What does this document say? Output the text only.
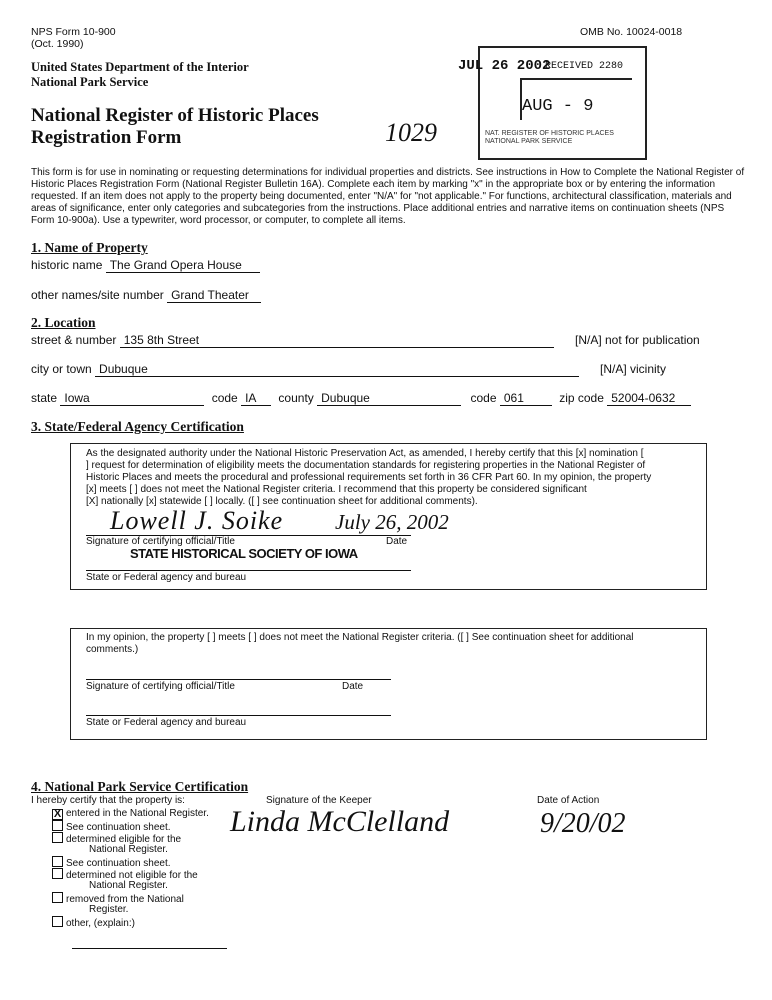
NPS Form 10-900
(Oct. 1990)
OMB No. 10024-0018
United States Department of the Interior
National Park Service
National Register of Historic Places
Registration Form	1029
JUL 26 2002
RECEIVED 2280
AUG - 9
NAT. REGISTER OF HISTORIC PLACES NATIONAL PARK SERVICE
This form is for use in nominating or requesting determinations for individual properties and districts. See instructions in How to Complete the National Register of Historic Places Registration Form (National Register Bulletin 16A). Complete each item by marking "x" in the appropriate box or by entering the information requested. If an item does not apply to the property being documented, enter "N/A" for "not applicable." For functions, architectural classification, materials and areas of significance, enter only categories and subcategories from the instructions. Place additional entries and narrative items on continuation sheets (NPS Form 10-900a). Use a typewriter, word processor, or computer, to complete all items.
1. Name of Property
historic name The Grand Opera House
other names/site number Grand Theater
2. Location
street & number 135 8th Street	[N/A] not for publication
city or town Dubuque	[N/A] vicinity
state Iowa	code IA county Dubuque	code 061	zip code 52004-0632
3. State/Federal Agency Certification
As the designated authority under the National Historic Preservation Act, as amended, I hereby certify that this [x] nomination [
] request for determination of eligibility meets the documentation standards for registering properties in the National Register of
Historic Places and meets the procedural and professional requirements set forth in 36 CFR Part 60. In my opinion, the property
[x] meets [ ] does not meet the National Register criteria. I recommend that this property be considered significant
[X] nationally [x] statewide [ ] locally. ([ ] see continuation sheet for additional comments).
Lowell J. Soike July 26, 2002
Signature of certifying official/Title	Date
STATE HISTORICAL SOCIETY OF IOWA
State or Federal agency and bureau
In my opinion, the property [ ] meets [ ] does not meet the National Register criteria. ([ ] See continuation sheet for additional
comments.)
Signature of certifying official/Title	Date
State or Federal agency and bureau
4. National Park Service Certification
I hereby certify that the property is:	Signature of the Keeper	Date of Action
Linda McClelland	9/20/02
X entered in the National Register.
See continuation sheet.
determined eligible for the
National Register.
See continuation sheet.
determined not eligible for the
National Register.
removed from the National
Register.
other, (explain:)
